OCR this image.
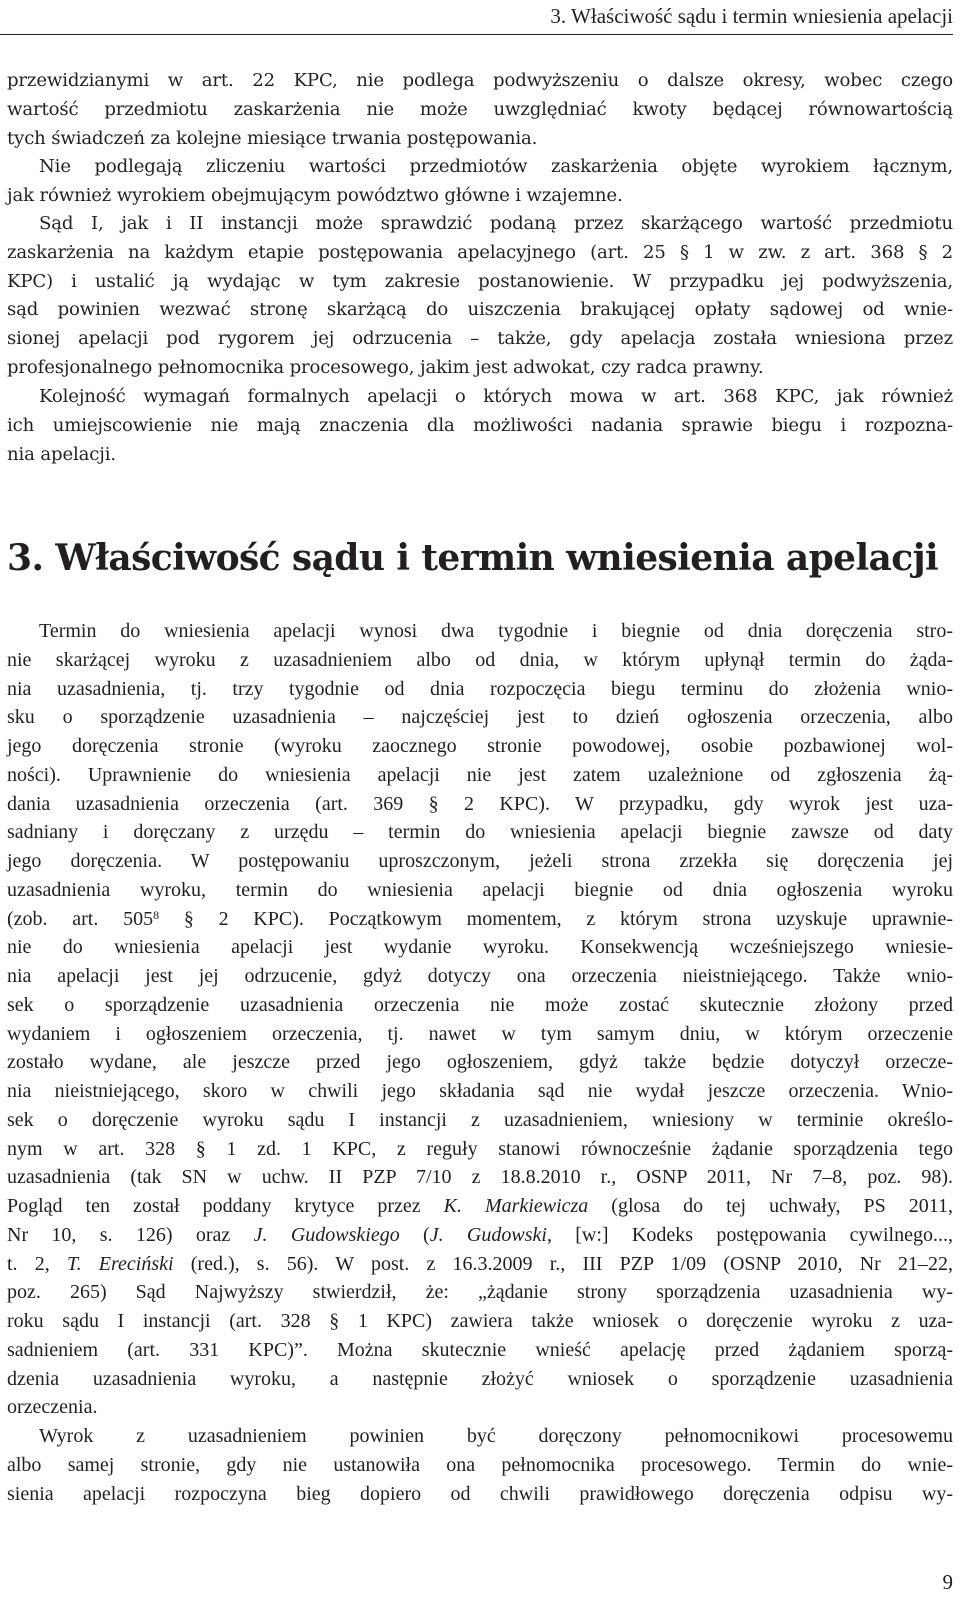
3. Właściwość sądu i termin wniesienia apelacji

przewidzianymi w art. 22 KPC, nie podlega podwyższeniu o dalsze okresy, wobec czego
wartość przedmiotu zaskarżenia nie może uwzględniać kwoty będącej równowartością
tych świadczeń za kolejne miesiące trwania postępowania.

Nie podlegają zliczeniu wartości przedmiotów zaskarżenia objęte wyrokiem łącznym,
jak również wyrokiem obejmującym powództwo główne i wzajemne.

Sąd I, jak i II instancji może sprawdzić podaną przez skarżącego wartość przedmiotu
zaskarżenia na każdym etapie postępowania apelacyjnego (art. 25 § 1 w zw. z art. 368 § 2
KPC) i ustalić ją wydając w tym zakresie postanowienie. W przypadku jej podwyższenia,
sąd powinien wezwać stronę skarżącą do uiszczenia brakującej opłaty sądowej od wnie-
sionej apelacji pod rygorem jej odrzucenia – także, gdy apelacja została wniesiona przez
profesjonalnego pełnomocnika procesowego, jakim jest adwokat, czy radca prawny.

Kolejność wymagań formalnych apelacji o których mowa w art. 368 KPC, jak również
ich umiejscowienie nie mają znaczenia dla możliwości nadania sprawie biegu i rozpozna-
nia apelacji.

3. Właściwość sądu i termin wniesienia apelacji

Termin do wniesienia apelacji wynosi dwa tygodnie i biegnie od dnia doręczenia stro-
nie skarżącej wyroku z uzasadnieniem albo od dnia, w którym upłynął termin do żąda-
nia uzasadnienia, tj. trzy tygodnie od dnia rozpoczęcia biegu terminu do złożenia wnio-
sku o sporządzenie uzasadnienia – najczęściej jest to dzień ogłoszenia orzeczenia, albo
jego doręczenia stronie (wyroku zaocznego stronie powodowej, osobie pozbawionej wol-
ności). Uprawnienie do wniesienia apelacji nie jest zatem uzależnione od zgłoszenia żą-
dania uzasadnienia orzeczenia (art. 369 § 2 KPC). W przypadku, gdy wyrok jest uza-
sadniany i doręczany z urzędu – termin do wniesienia apelacji biegnie zawsze od daty
jego doręczenia. W postępowaniu uproszczonym, jeżeli strona zrzekła się doręczenia jej
uzasadnienia wyroku, termin do wniesienia apelacji biegnie od dnia ogłoszenia wyroku
(zob. art. $505^8$ § 2 KPC). Początkowym momentem, z którym strona uzyskuje uprawnie-
nie do wniesienia apelacji jest wydanie wyroku. Konsekwencją wcześniejszego wniesie-
nia apelacji jest jej odrzucenie, gdyż dotyczy ona orzeczenia nieistniejącego. Także wnio-
sek o sporządzenie uzasadnienia orzeczenia nie może zostać skutecznie złożony przed
wydaniem i ogłoszeniem orzeczenia, tj. nawet w tym samym dniu, w którym orzeczenie
zostało wydane, ale jeszcze przed jego ogłoszeniem, gdyż także będzie dotyczył orzecze-
nia nieistniejącego, skoro w chwili jego składania sąd nie wydał jeszcze orzeczenia. Wnio-
sek o doręczenie wyroku sądu I instancji z uzasadnieniem, wniesiony w terminie określo-
nym w art. 328 § 1 zd. 1 KPC, z reguły stanowi równocześnie żądanie sporządzenia tego
uzasadnienia (tak SN w uchw. II PZP 7/10 z 18.8.2010 r., OSNP 2011, Nr 7–8, poz. 98).
Pogląd ten został poddany krytyce przez K. Markiewicza (glosa do tej uchwały, PS 2011,
Nr 10, s. 126) oraz J. Gudowskiego (J. Gudowski, [w:] Kodeks postępowania cywilnego...,
t. 2, T. Ereciński (red.), s. 56). W post. z 16.3.2009 r., III PZP 1/09 (OSNP 2010, Nr 21–22,
poz. 265) Sąd Najwyższy stwierdził, że: „żądanie strony sporządzenia uzasadnienia wy-
roku sądu I instancji (art. 328 § 1 KPC) zawiera także wniosek o doręczenie wyroku z uza-
sadnieniem (art. 331 KPC)”. Można skutecznie wnieść apelację przed żądaniem sporzą-
dzenia uzasadnienia wyroku, a następnie złożyć wniosek o sporządzenie uzasadnienia
orzeczenia.

Wyrok z uzasadnieniem powinien być doręczony pełnomocnikowi procesowemu
albo samej stronie, gdy nie ustanowiła ona pełnomocnika procesowego. Termin do wnie-
sienia apelacji rozpoczyna bieg dopiero od chwili prawidłowego doręczenia odpisu wy-

9
